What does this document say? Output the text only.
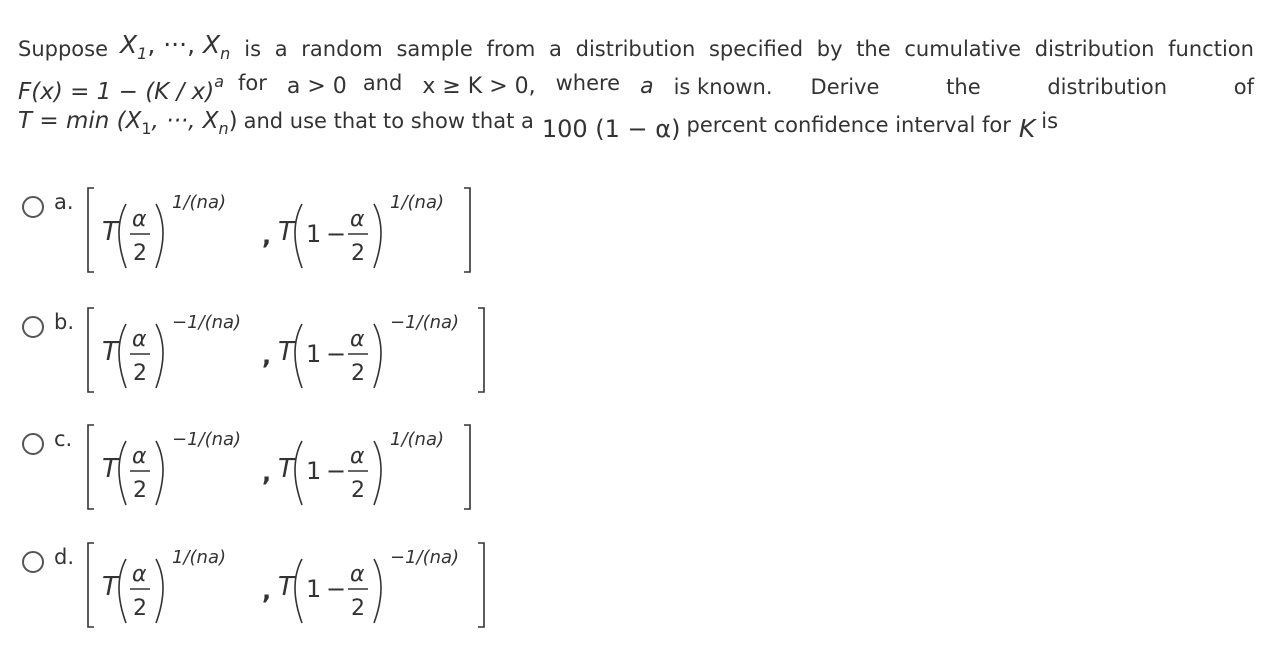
Suppose $X_1$, ···, $X_n$ is a random sample from a distribution specified by the cumulative distribution function
F(x) = 1 − (K / x)$^a$ for a > 0 and x ≥ K > 0, where a is known. Derive	the	distribution	of
$T = \min (X_1$, ···, $X_n$) and use that to show that a 100 (1 − α) percent confidence interval for K is
a.
T α
2
1/(na)
, T 1 −
α
2
1/(na)
b.
T α
2
−1/(na)
, T 1 −
α
2
−1/(na)
c.
T α
2
−1/(na)
, T 1 −
α
2
1/(na)
d.
T α
2
1/(na)
, T 1 −
α
2
−1/(na)
